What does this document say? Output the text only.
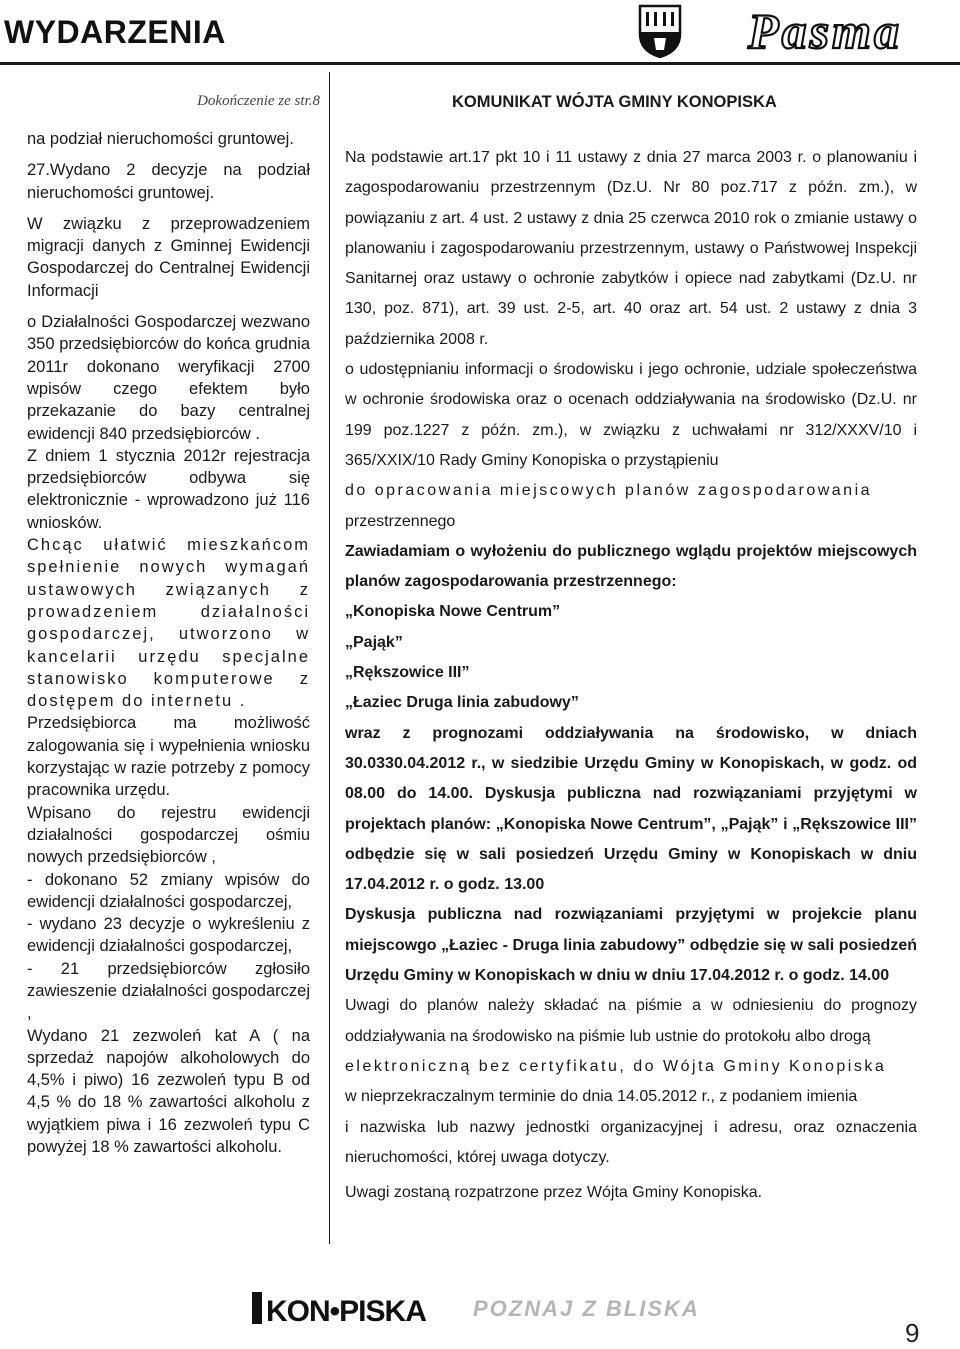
WYDARZENIA	Pasma
Dokończenie ze str.8

na podział nieruchomości gruntowej.

27.Wydano 2 decyzje na podział nieruchomości gruntowej.

W związku z przeprowadzeniem migracji danych z Gminnej Ewidencji Gospodarczej do Centralnej Ewidencji Informacji

o Działalności Gospodarczej wezwano 350 przedsiębiorców do końca grudnia 2011r dokonano weryfikacji 2700 wpisów czego efektem było przekazanie do bazy centralnej ewidencji 840 przedsiębiorców .

Z dniem 1 stycznia 2012r rejestracja przedsiębiorców odbywa się elektronicznie - wprowadzono już 116 wniosków.

Chcąc ułatwić mieszkańcom spełnienie nowych wymagań ustawowych związanych z prowadzeniem działalności gospodarczej, utworzono w kancelarii urzędu specjalne stanowisko komputerowe z dostępem do internetu .

Przedsiębiorca ma możliwość zalogowania się i wypełnienia wniosku korzystając w razie potrzeby z pomocy pracownika urzędu.

Wpisano do rejestru ewidencji działalności gospodarczej ośmiu nowych przedsiębiorców ,

- dokonano 52 zmiany wpisów do ewidencji działalności gospodarczej,

- wydano 23 decyzje o wykreśleniu z ewidencji działalności gospodarczej,

- 21 przedsiębiorców zgłosiło zawieszenie działalności gospodarczej ,

Wydano 21 zezwoleń kat A ( na sprzedaż napojów alkoholowych do 4,5% i piwo) 16 zezwoleń typu B od 4,5 % do 18 % zawartości alkoholu z wyjątkiem piwa i 16 zezwoleń typu C powyżej 18 % zawartości alkoholu.

KOMUNIKAT WÓJTA GMINY KONOPISKA

Na podstawie art.17 pkt 10 i 11 ustawy z dnia 27 marca 2003 r. o planowaniu i zagospodarowaniu przestrzennym (Dz.U. Nr 80 poz.717 z późn. zm.), w powiązaniu z art. 4 ust. 2 ustawy z dnia 25 czerwca 2010 rok o zmianie ustawy o planowaniu i zagospodarowaniu przestrzennym, ustawy o Państwowej Inspekcji Sanitarnej oraz ustawy o ochronie zabytków i opiece nad zabytkami (Dz.U. nr 130, poz. 871), art. 39 ust. 2-5, art. 40 oraz art. 54 ust. 2 ustawy z dnia 3 października 2008 r.

o udostępnianiu informacji o środowisku i jego ochronie, udziale społeczeństwa w ochronie środowiska oraz o ocenach oddziaływania na środowisko (Dz.U. nr 199 poz.1227 z późn. zm.), w związku z uchwałami nr 312/XXXV/10 i 365/XXIX/10 Rady Gminy Konopiska o przystąpieniu

do opracowania miejscowych planów zagospodarowania

przestrzennego

Zawiadamiam o wyłożeniu do publicznego wglądu projektów miejscowych planów zagospodarowania przestrzennego:

„Konopiska Nowe Centrum”

„Pająk”

„Rększowice III”

„Łaziec Druga linia zabudowy”

wraz z prognozami oddziaływania na środowisko, w dniach 30.0330.04.2012 r., w siedzibie Urzędu Gminy w Konopiskach, w godz. od 08.00 do 14.00. Dyskusja publiczna nad rozwiązaniami przyjętymi w projektach planów: „Konopiska Nowe Centrum”, „Pająk” i „Rększowice III” odbędzie się w sali posiedzeń Urzędu Gminy w Konopiskach w dniu 17.04.2012 r. o godz. 13.00

Dyskusja publiczna nad rozwiązaniami przyjętymi w projekcie planu miejscowgo „Łaziec - Druga linia zabudowy” odbędzie się w sali posiedzeń Urzędu Gminy w Konopiskach w dniu w dniu 17.04.2012 r. o godz. 14.00

Uwagi do planów należy składać na piśmie a w odniesieniu do prognozy oddziaływania na środowisko na piśmie lub ustnie do protokołu albo drogą

elektroniczną bez certyfikatu, do Wójta Gminy Konopiska

w nieprzekraczalnym terminie do dnia 14.05.2012 r., z podaniem imienia

i nazwiska lub nazwy jednostki organizacyjnej i adresu, oraz oznaczenia nieruchomości, której uwaga dotyczy.

Uwagi zostaną rozpatrzone przez Wójta Gminy Konopiska.

KON•PISKA POZNAJ Z BLISKA
9
